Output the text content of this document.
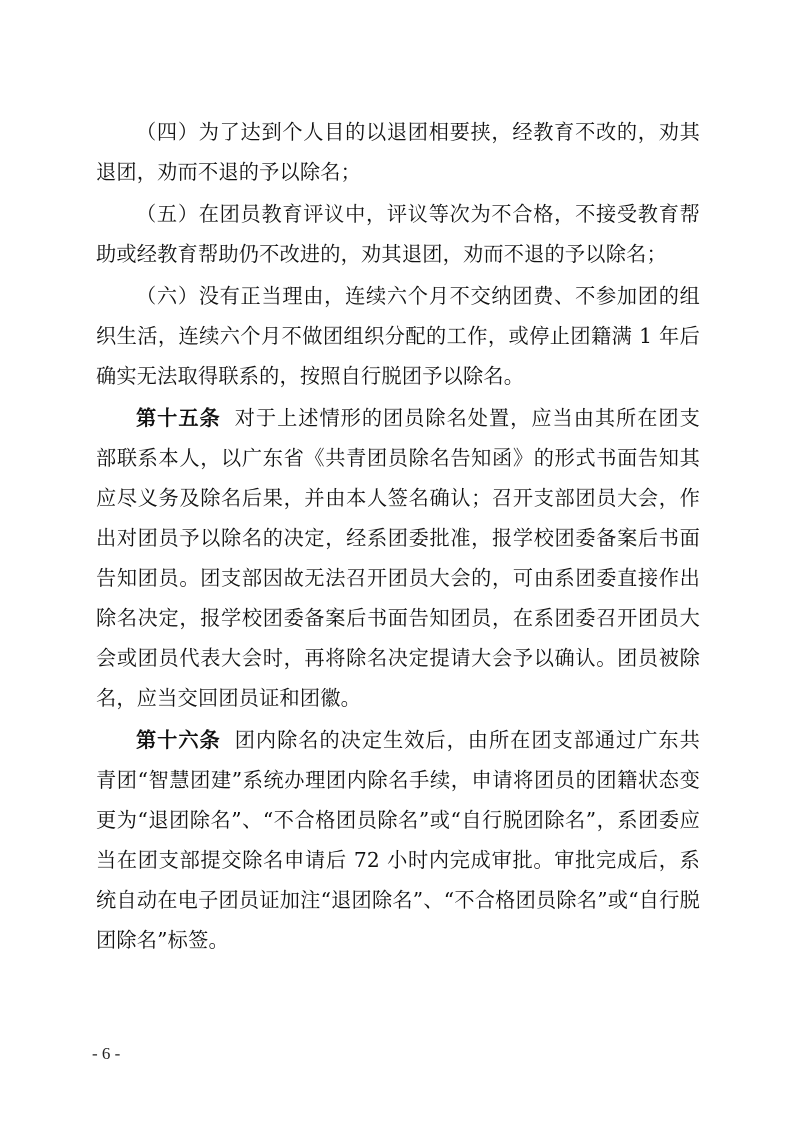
（四）为了达到个人目的以退团相要挟，经教育不改的，劝其退团，劝而不退的予以除名；

（五）在团员教育评议中，评议等次为不合格，不接受教育帮助或经教育帮助仍不改进的，劝其退团，劝而不退的予以除名；

（六）没有正当理由，连续六个月不交纳团费、不参加团的组织生活，连续六个月不做团组织分配的工作，或停止团籍满 1 年后确实无法取得联系的，按照自行脱团予以除名。

第十五条 对于上述情形的团员除名处置，应当由其所在团支部联系本人，以广东省《共青团员除名告知函》的形式书面告知其应尽义务及除名后果，并由本人签名确认；召开支部团员大会，作出对团员予以除名的决定，经系团委批准，报学校团委备案后书面告知团员。团支部因故无法召开团员大会的，可由系团委直接作出除名决定，报学校团委备案后书面告知团员，在系团委召开团员大会或团员代表大会时，再将除名决定提请大会予以确认。团员被除名，应当交回团员证和团徽。

第十六条 团内除名的决定生效后，由所在团支部通过广东共青团“智慧团建”系统办理团内除名手续，申请将团员的团籍状态变更为“退团除名”、“不合格团员除名”或“自行脱团除名”，系团委应当在团支部提交除名申请后 72 小时内完成审批。审批完成后，系统自动在电子团员证加注“退团除名”、“不合格团员除名”或“自行脱团除名”标签。

- 6 -
